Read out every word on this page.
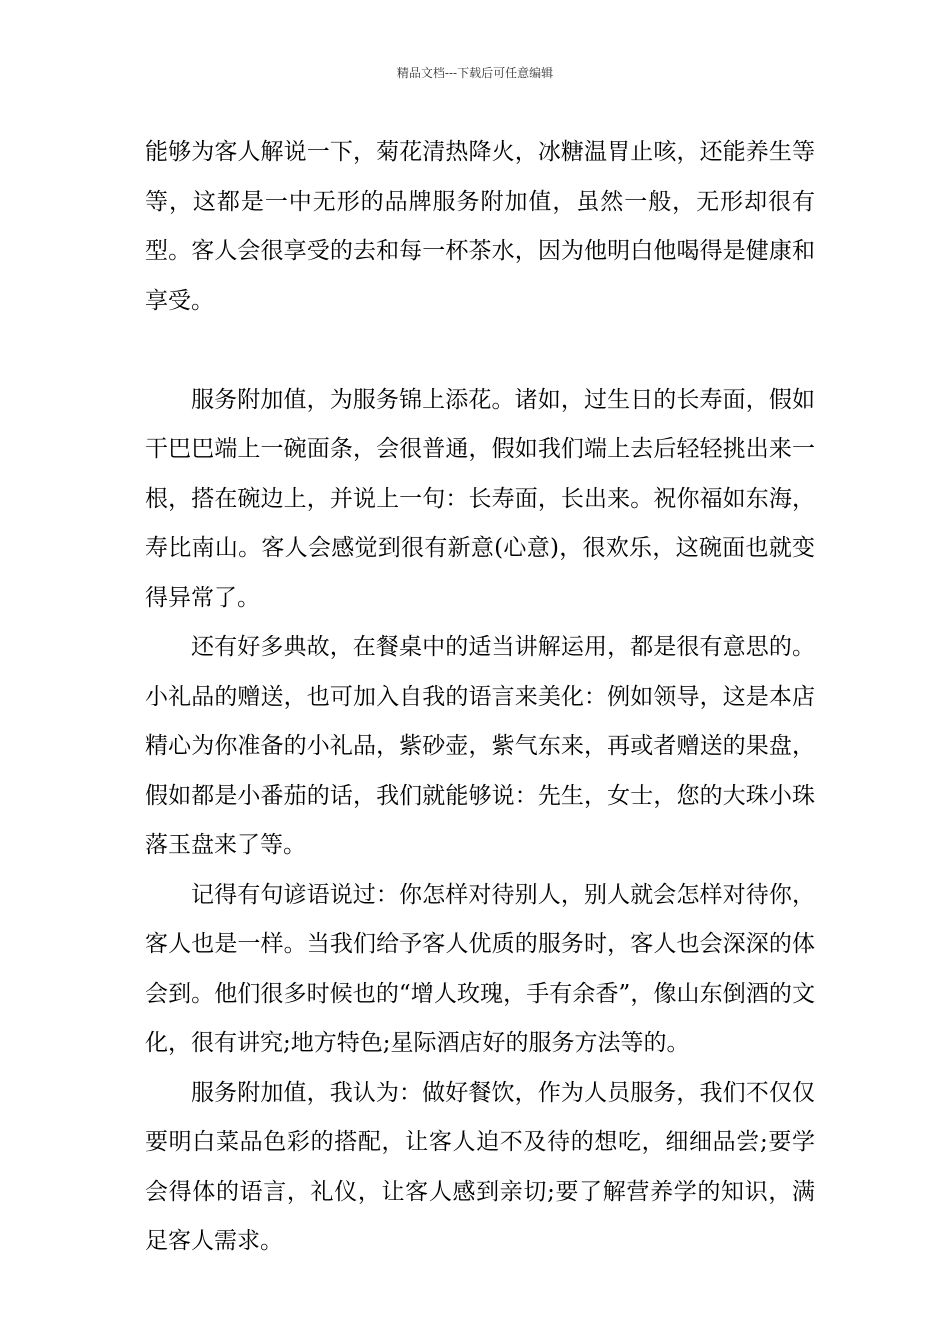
精品文档---下载后可任意编辑

能够为客人解说一下，菊花清热降火，冰糖温胃止咳，还能养生等等，这都是一中无形的品牌服务附加值，虽然一般，无形却很有型。客人会很享受的去和每一杯茶水，因为他明白他喝得是健康和享受。

服务附加值，为服务锦上添花。诸如，过生日的长寿面，假如干巴巴端上一碗面条，会很普通，假如我们端上去后轻轻挑出来一根，搭在碗边上，并说上一句：长寿面，长出来。祝你福如东海，寿比南山。客人会感觉到很有新意(心意)，很欢乐，这碗面也就变得异常了。

还有好多典故，在餐桌中的适当讲解运用，都是很有意思的。小礼品的赠送，也可加入自我的语言来美化：例如领导，这是本店精心为你准备的小礼品，紫砂壶，紫气东来，再或者赠送的果盘，假如都是小番茄的话，我们就能够说：先生，女士，您的大珠小珠落玉盘来了等。

记得有句谚语说过：你怎样对待别人，别人就会怎样对待你，客人也是一样。当我们给予客人优质的服务时，客人也会深深的体会到。他们很多时候也的“增人玫瑰，手有余香”，像山东倒酒的文化，很有讲究;地方特色;星际酒店好的服务方法等的。

服务附加值，我认为：做好餐饮，作为人员服务，我们不仅仅要明白菜品色彩的搭配，让客人迫不及待的想吃，细细品尝;要学会得体的语言，礼仪，让客人感到亲切;要了解营养学的知识，满足客人需求。
